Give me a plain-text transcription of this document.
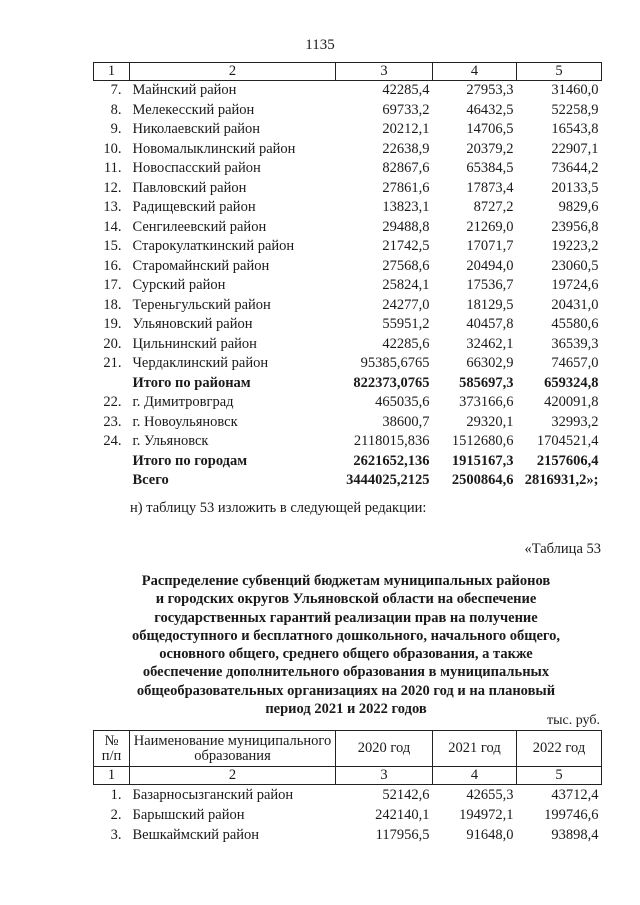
1135
1	2	3	4	5
7.	Майнский район	42285,4	27953,3	31460,0
8.	Мелекесский район	69733,2	46432,5	52258,9
9.	Николаевский район	20212,1	14706,5	16543,8
10.	Новомалыклинский район	22638,9	20379,2	22907,1
11.	Новоспасский район	82867,6	65384,5	73644,2
12.	Павловский район	27861,6	17873,4	20133,5
13.	Радищевский район	13823,1	8727,2	9829,6
14.	Сенгилеевский район	29488,8	21269,0	23956,8
15.	Старокулаткинский район	21742,5	17071,7	19223,2
16.	Старомайнский район	27568,6	20494,0	23060,5
17.	Сурский район	25824,1	17536,7	19724,6
18.	Тереньгульский район	24277,0	18129,5	20431,0
19.	Ульяновский район	55951,2	40457,8	45580,6
20.	Цильнинский район	42285,6	32462,1	36539,3
21.	Чердаклинский район	95385,6765	66302,9	74657,0
	Итого по районам	822373,0765	585697,3	659324,8
22.	г. Димитровград	465035,6	373166,6	420091,8
23.	г. Новоульяновск	38600,7	29320,1	32993,2
24.	г. Ульяновск	2118015,836	1512680,6	1704521,4
	Итого по городам	2621652,136	1915167,3	2157606,4
	Всего	3444025,2125	2500864,6	2816931,2»;
н) таблицу 53 изложить в следующей редакции:
«Таблица 53
Распределение субвенций бюджетам муниципальных районов
и городских округов Ульяновской области на обеспечение
государственных гарантий реализации прав на получение
общедоступного и бесплатного дошкольного, начального общего,
основного общего, среднего общего образования, а также
обеспечение дополнительного образования в муниципальных
общеобразовательных организациях на 2020 год и на плановый
период 2021 и 2022 годов
тыс. руб.
№ п/п	Наименование муниципального образования	2020 год	2021 год	2022 год
1	2	3	4	5
1.	Базарносызганский район	52142,6	42655,3	43712,4
2.	Барышский район	242140,1	194972,1	199746,6
3.	Вешкаймский район	117956,5	91648,0	93898,4
